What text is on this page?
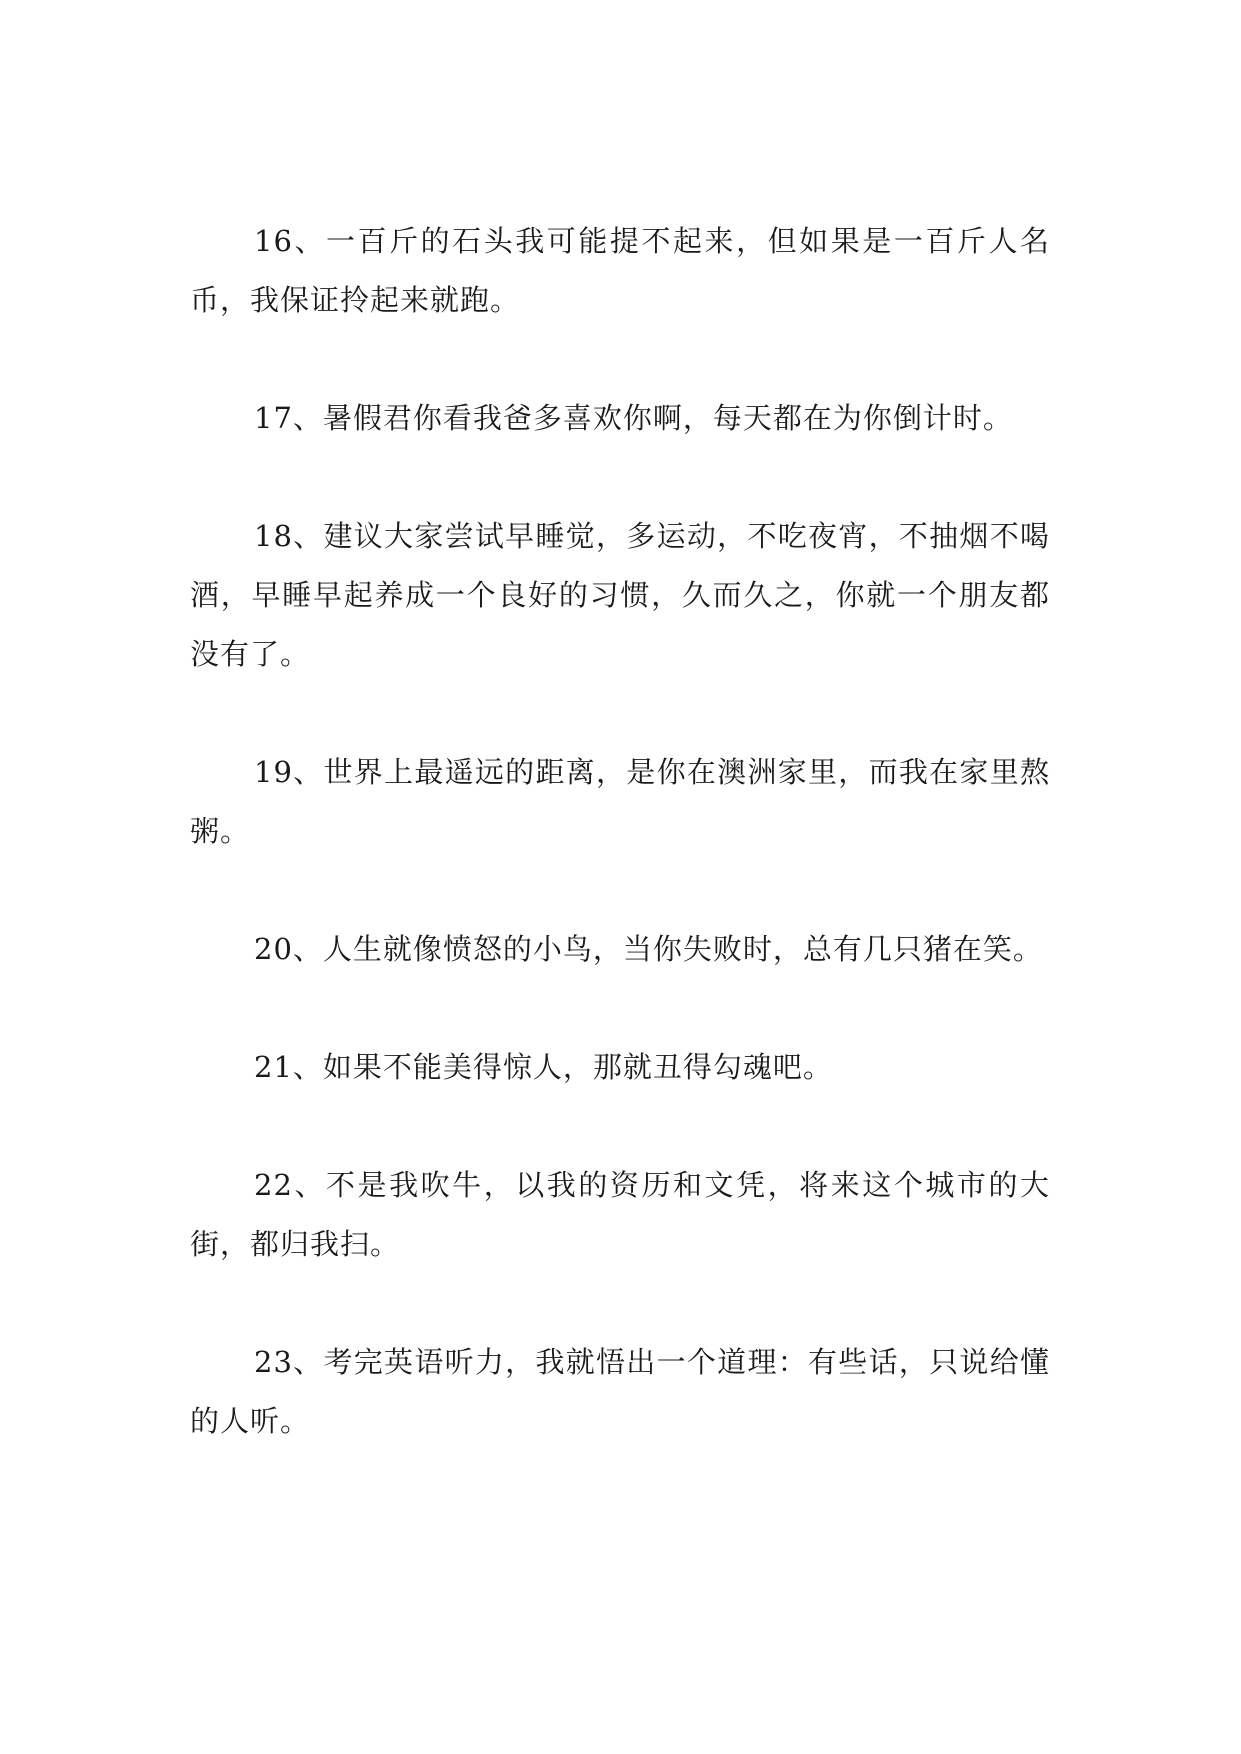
16、一百斤的石头我可能提不起来，但如果是一百斤人名币，我保证拎起来就跑。

17、暑假君你看我爸多喜欢你啊，每天都在为你倒计时。

18、建议大家尝试早睡觉，多运动，不吃夜宵，不抽烟不喝酒，早睡早起养成一个良好的习惯，久而久之，你就一个朋友都没有了。

19、世界上最遥远的距离，是你在澳洲家里，而我在家里熬粥。

20、人生就像愤怒的小鸟，当你失败时，总有几只猪在笑。

21、如果不能美得惊人，那就丑得勾魂吧。

22、不是我吹牛，以我的资历和文凭，将来这个城市的大街，都归我扫。

23、考完英语听力，我就悟出一个道理：有些话，只说给懂的人听。
